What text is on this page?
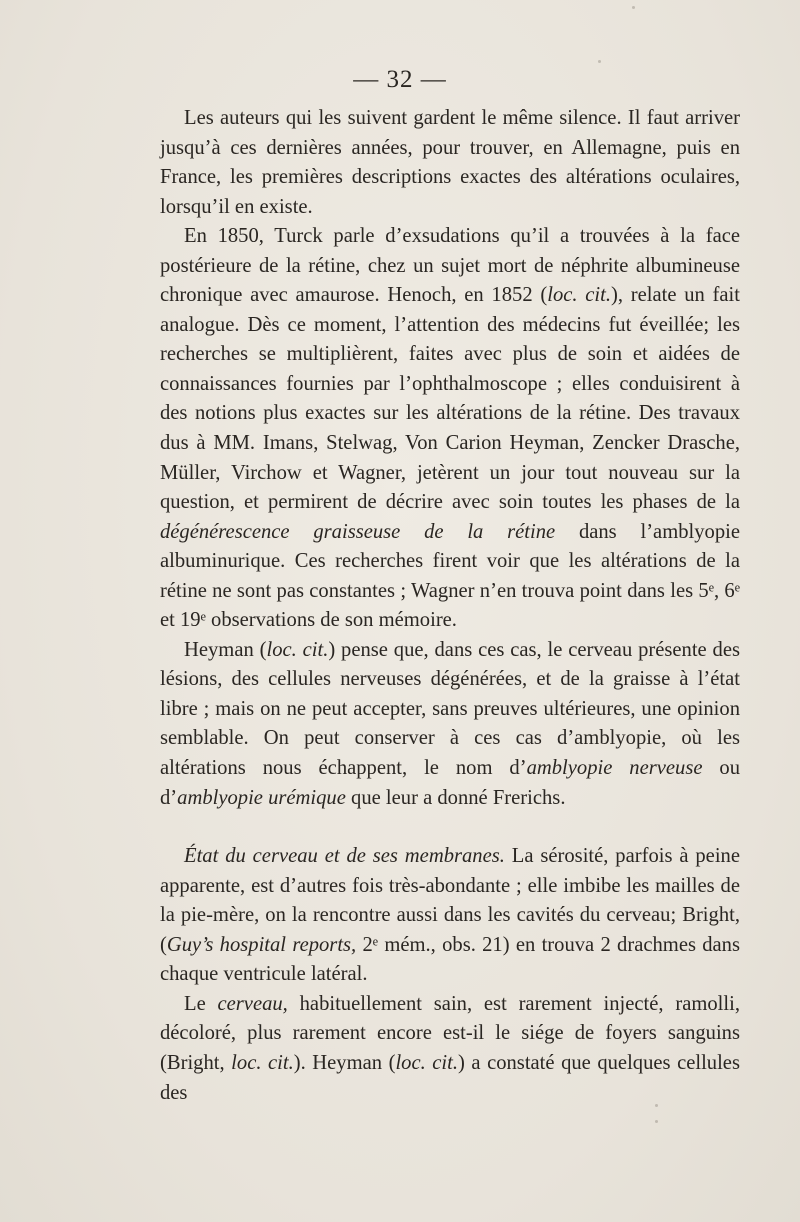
— 32 —

Les auteurs qui les suivent gardent le même silence. Il faut arriver jusqu’à ces dernières années, pour trouver, en Allemagne, puis en France, les premières descriptions exactes des altérations oculaires, lorsqu’il en existe.

En 1850, Turck parle d’exsudations qu’il a trouvées à la face postérieure de la rétine, chez un sujet mort de néphrite albumineuse chronique avec amaurose. Henoch, en 1852 (loc. cit.), relate un fait analogue. Dès ce moment, l’attention des médecins fut éveillée; les recherches se multiplièrent, faites avec plus de soin et aidées de connaissances fournies par l’ophthalmoscope ; elles conduisirent à des notions plus exactes sur les altérations de la rétine. Des travaux dus à MM. Imans, Stelwag, Von Carion Heyman, Zencker Drasche, Müller, Virchow et Wagner, jetèrent un jour tout nouveau sur la question, et permirent de décrire avec soin toutes les phases de la dégénérescence graisseuse de la rétine dans l’amblyopie albuminurique. Ces recherches firent voir que les altérations de la rétine ne sont pas constantes ; Wagner n’en trouva point dans les 5ᵉ, 6ᵉ et 19ᵉ observations de son mémoire.

Heyman (loc. cit.) pense que, dans ces cas, le cerveau présente des lésions, des cellules nerveuses dégénérées, et de la graisse à l’état libre ; mais on ne peut accepter, sans preuves ultérieures, une opinion semblable. On peut conserver à ces cas d’amblyopie, où les altérations nous échappent, le nom d’amblyopie nerveuse ou d’amblyopie urémique que leur a donné Frerichs.

État du cerveau et de ses membranes. La sérosité, parfois à peine apparente, est d’autres fois très-abondante ; elle imbibe les mailles de la pie-mère, on la rencontre aussi dans les cavités du cerveau; Bright, (Guy’s hospital reports, 2ᵉ mém., obs. 21) en trouva 2 drachmes dans chaque ventricule latéral.

Le cerveau, habituellement sain, est rarement injecté, ramolli, décoloré, plus rarement encore est-il le siége de foyers sanguins (Bright, loc. cit.). Heyman (loc. cit.) a constaté que quelques cellules des
